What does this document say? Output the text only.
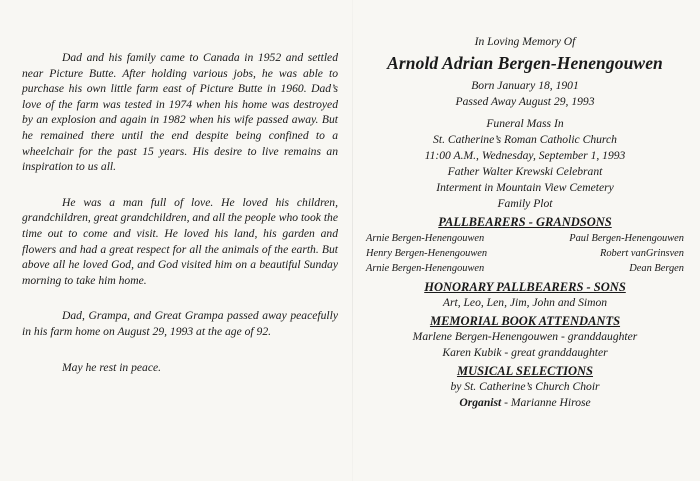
Dad and his family came to Canada in 1952 and settled near Picture Butte. After holding various jobs, he was able to purchase his own little farm east of Picture Butte in 1960. Dad’s love of the farm was tested in 1974 when his home was destroyed by an explosion and again in 1982 when his wife passed away. But he remained there until the end despite being confined to a wheelchair for the past 15 years. His desire to live remains an inspiration to us all.

He was a man full of love. He loved his children, grandchildren, great grandchildren, and all the people who took the time out to come and visit. He loved his land, his garden and flowers and had a great respect for all the animals of the earth. But above all he loved God, and God visited him on a beautiful Sunday morning to take him home.

Dad, Grampa, and Great Grampa passed away peacefully in his farm home on August 29, 1993 at the age of 92.

May he rest in peace.

In Loving Memory Of
Arnold Adrian Bergen-Henengouwen
Born January 18, 1901
Passed Away August 29, 1993
Funeral Mass In
St. Catherine’s Roman Catholic Church
11:00 A.M., Wednesday, September 1, 1993
Father Walter Krewski Celebrant
Interment in Mountain View Cemetery
Family Plot
PALLBEARERS - GRANDSONS
Arnie Bergen-Henengouwen	Paul Bergen-Henengouwen
Henry Bergen-Henengouwen	Robert vanGrinsven
Arnie Bergen-Henengouwen	Dean Bergen
HONORARY PALLBEARERS - SONS
Art, Leo, Len, Jim, John and Simon
MEMORIAL BOOK ATTENDANTS
Marlene Bergen-Henengouwen - granddaughter
Karen Kubik - great granddaughter
MUSICAL SELECTIONS
by St. Catherine’s Church Choir
Organist - Marianne Hirose
